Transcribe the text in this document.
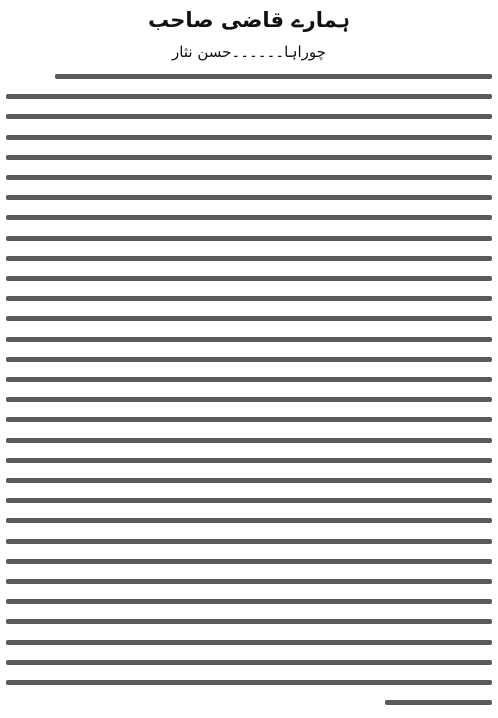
ہمارے قاضی صاحب
چوراہا۔۔۔۔۔۔حسن نثار
